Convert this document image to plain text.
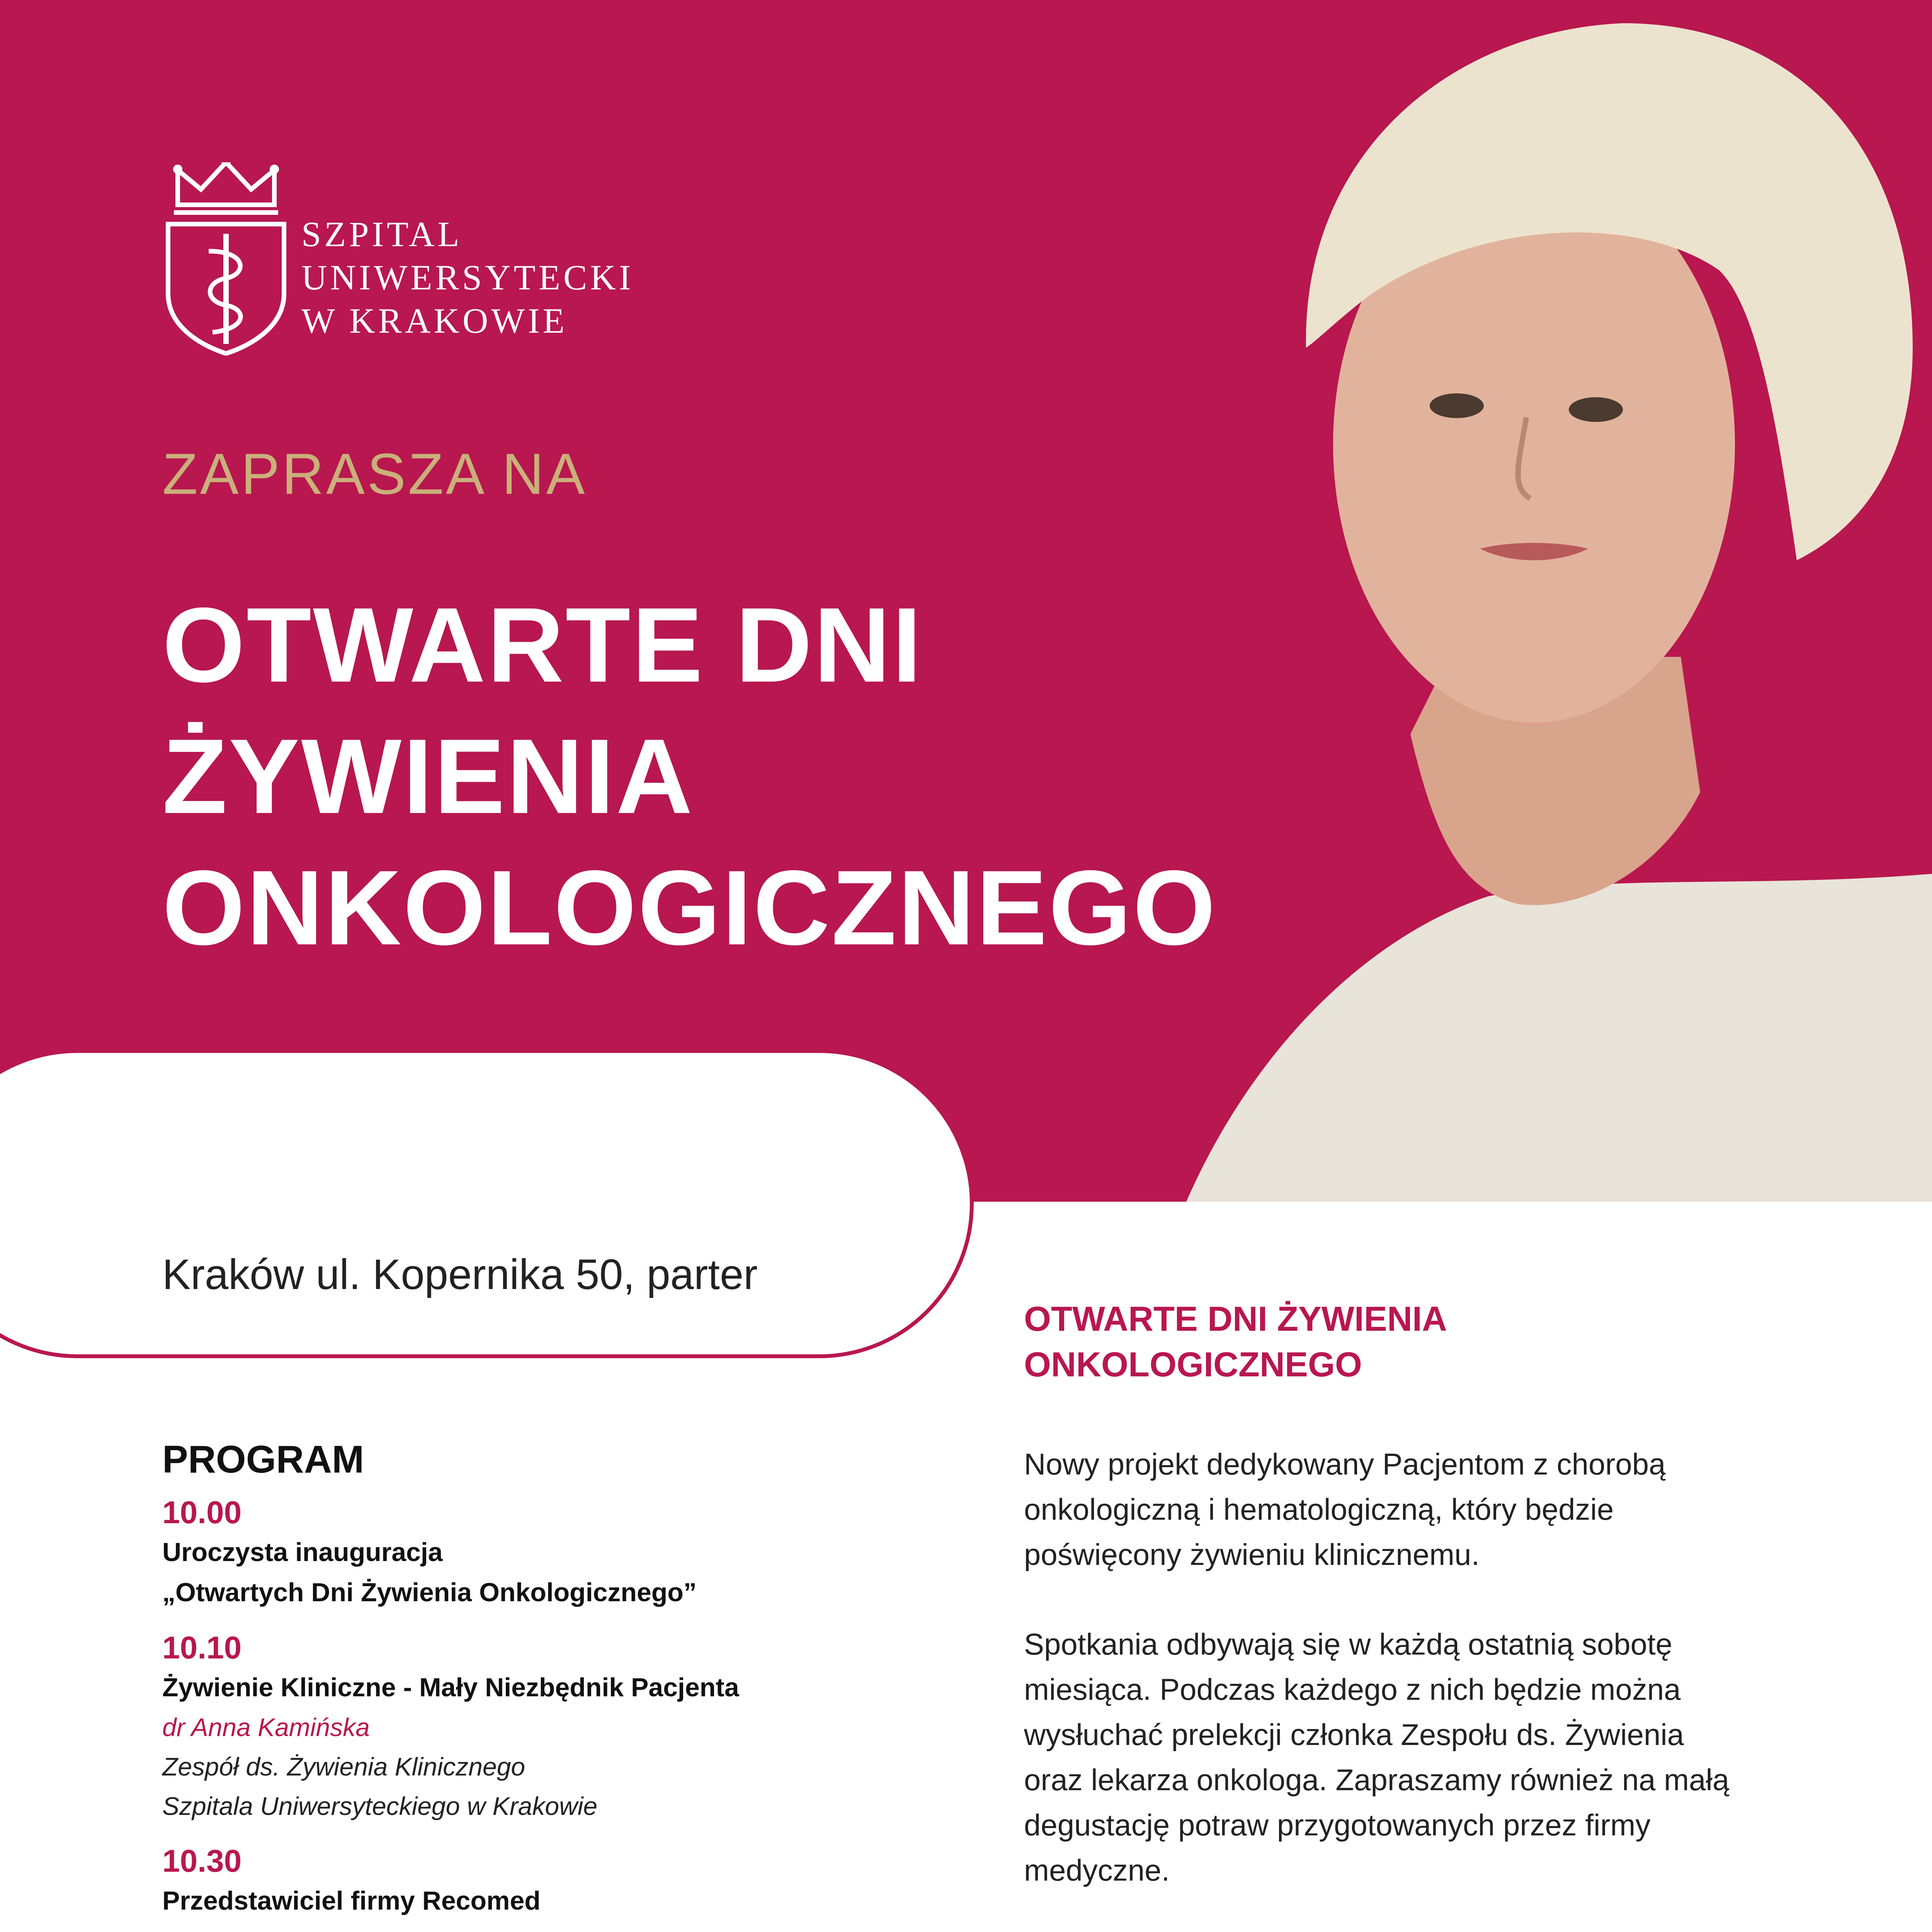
SZPITAL
UNIWERSYTECKI
W KRAKOWIE
ZAPRASZA NA
OTWARTE DNI
ŻYWIENIA
ONKOLOGICZNEGO
Kraków ul. Kopernika 50, parter
PROGRAM
10.00
Uroczysta inauguracja
„Otwartych Dni Żywienia Onkologicznego”
10.10
Żywienie Kliniczne - Mały Niezbędnik Pacjenta
dr Anna Kamińska
Zespół ds. Żywienia Klinicznego
Szpitala Uniwersyteckiego w Krakowie
10.30
Przedstawiciel firmy Recomed
OTWARTE DNI ŻYWIENIA
ONKOLOGICZNEGO
Nowy projekt dedykowany Pacjentom z chorobą
onkologiczną i hematologiczną, który będzie
poświęcony żywieniu klinicznemu.
Spotkania odbywają się w każdą ostatnią sobotę
miesiąca. Podczas każdego z nich będzie można
wysłuchać prelekcji członka Zespołu ds. Żywienia
oraz lekarza onkologa. Zapraszamy również na małą
degustację potraw przygotowanych przez firmy
medyczne.
